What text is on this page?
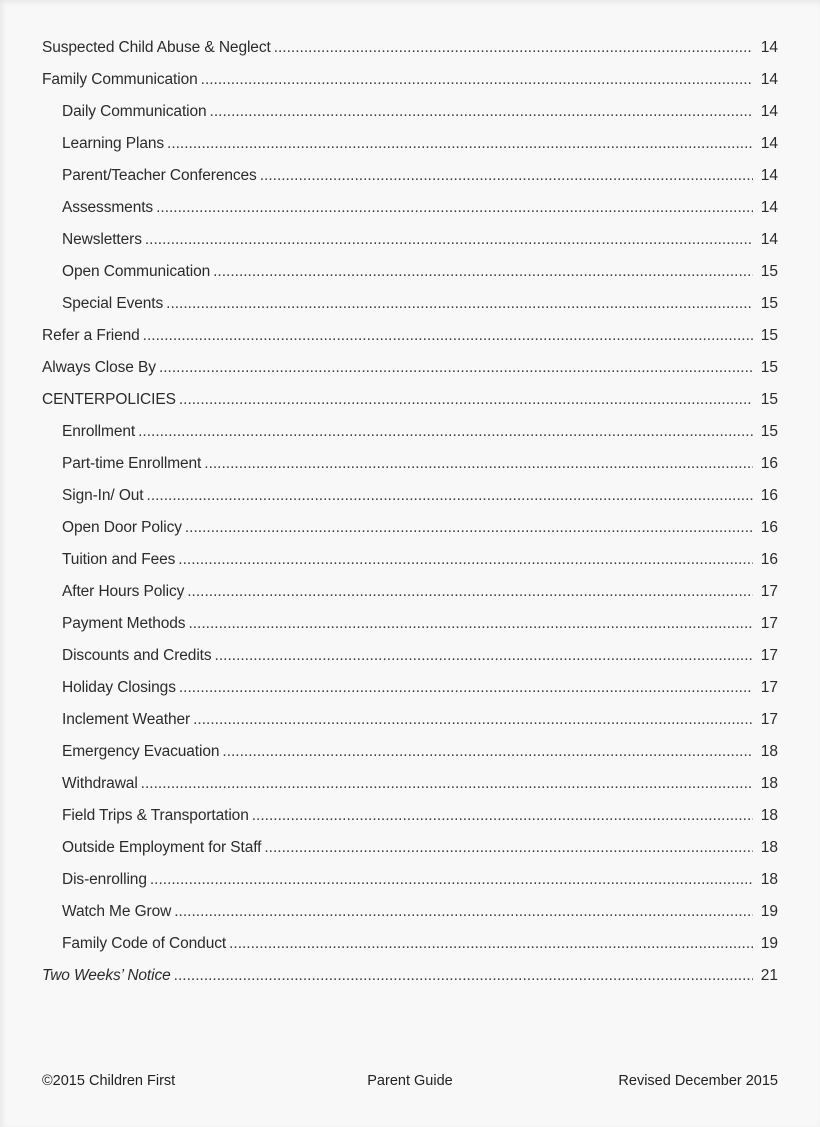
Suspected Child Abuse & Neglect .....	14
Family Communication .....	14
Daily Communication .....	14
Learning Plans .....	14
Parent/Teacher Conferences .....	14
Assessments .....	14
Newsletters .....	14
Open Communication .....	15
Special Events .....	15
Refer a Friend .....	15
Always Close By .....	15
CENTERPOLICIES .....	15
Enrollment .....	15
Part-time Enrollment .....	16
Sign-In/ Out .....	16
Open Door Policy .....	16
Tuition and Fees .....	16
After Hours Policy .....	17
Payment Methods .....	17
Discounts and Credits .....	17
Holiday Closings .....	17
Inclement Weather .....	17
Emergency Evacuation .....	18
Withdrawal .....	18
Field Trips & Transportation .....	18
Outside Employment for Staff .....	18
Dis-enrolling .....	18
Watch Me Grow .....	19
Family Code of Conduct .....	19
Two Weeks’ Notice .....	21
©2015 Children First	Parent Guide	Revised December 2015
